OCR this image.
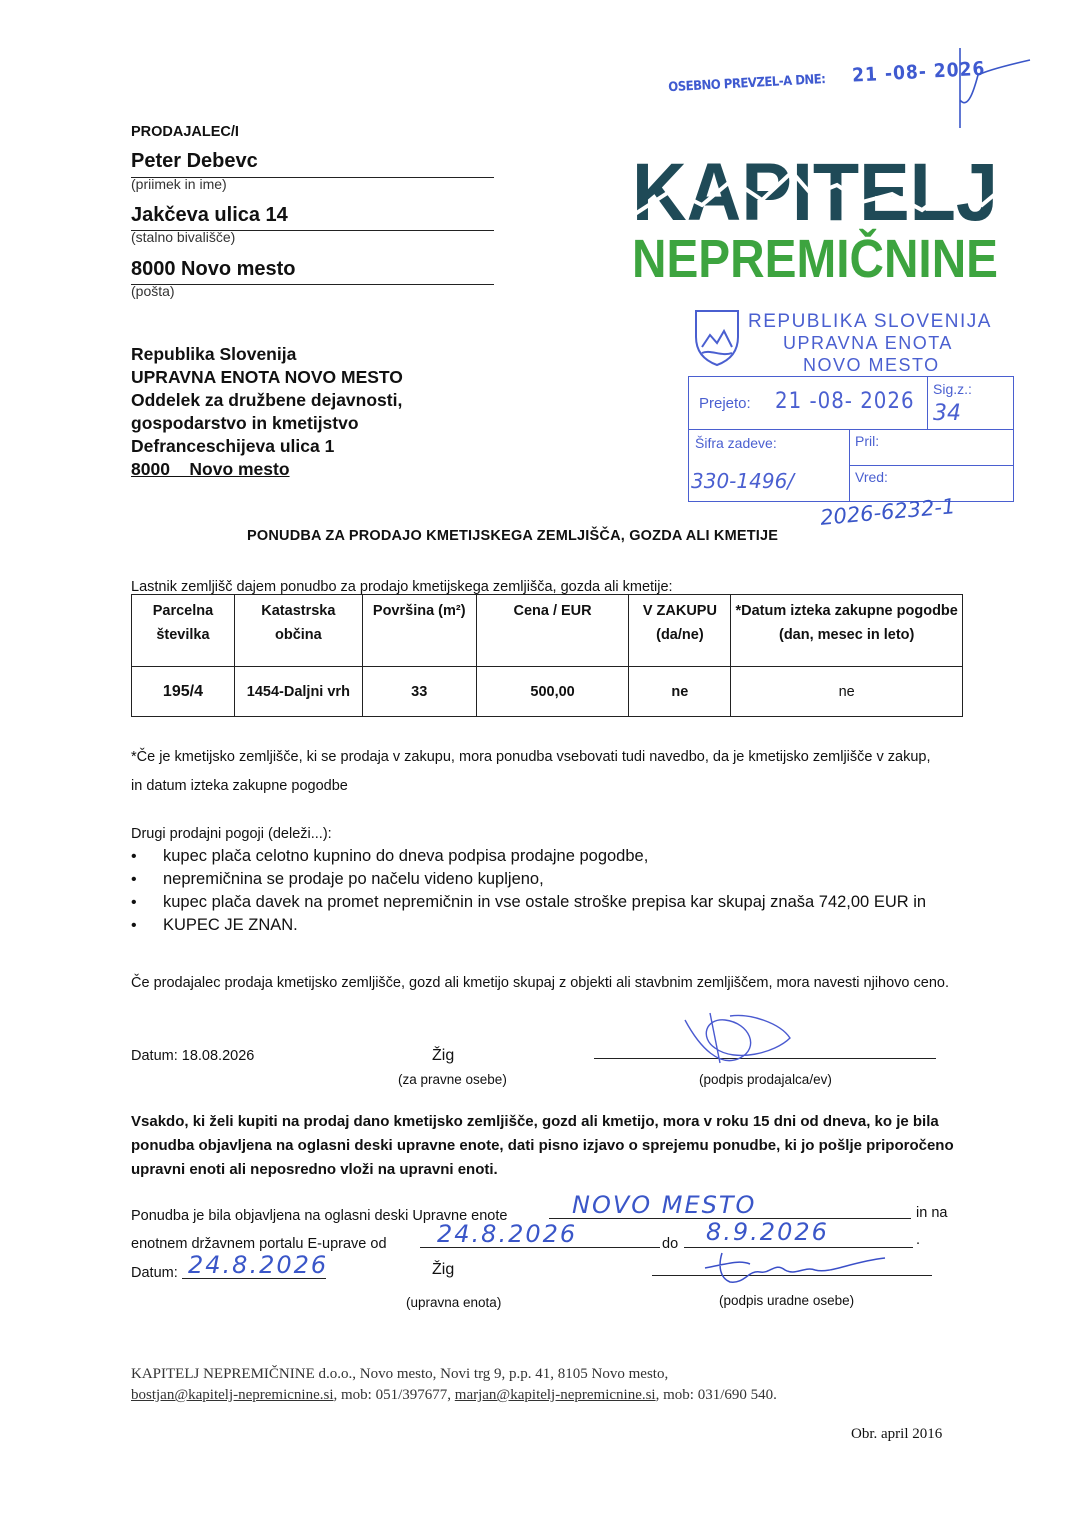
OSEBNO PREVZEL-A DNE: 21 -08- 2026
PRODAJALEC/I
Peter Debevc
(priimek in ime)
Jakčeva ulica 14
(stalno bivališče)
8000 Novo mesto
(pošta)
KAPITELJ
NEPREMIČNINE
REPUBLIKA SLOVENIJA
UPRAVNA ENOTA
NOVO MESTO
Prejeto: 21 -08- 2026 Sig.z.:
34
Šifra zadeve:	Pril:
330-1496/	Vred:
2026-6232-1
Republika Slovenija
UPRAVNA ENOTA NOVO MESTO
Oddelek za družbene dejavnosti,
gospodarstvo in kmetijstvo
Defranceschijeva ulica 1
8000    Novo mesto
PONUDBA ZA PRODAJO KMETIJSKEGA ZEMLJIŠČA, GOZDA ALI KMETIJE
Lastnik zemljišč dajem ponudbo za prodajo kmetijskega zemljišča, gozda ali kmetije:
Parcelna številka	Katastrska občina	Površina (m²)	Cena / EUR	V ZAKUPU (da/ne)	*Datum izteka zakupne pogodbe (dan, mesec in leto)
195/4	1454-Daljni vrh	33	500,00	ne	ne
*Če je kmetijsko zemljišče, ki se prodaja v zakupu, mora ponudba vsebovati tudi navedbo, da je kmetijsko zemljišče v zakup, in datum izteka zakupne pogodbe
Drugi prodajni pogoji (deleži...):
• kupec plača celotno kupnino do dneva podpisa prodajne pogodbe,
• nepremičnina se prodaje po načelu videno kupljeno,
• kupec plača davek na promet nepremičnin in vse ostale stroške prepisa kar skupaj znaša 742,00 EUR in
• KUPEC JE ZNAN.
Če prodajalec prodaja kmetijsko zemljišče, gozd ali kmetijo skupaj z objekti ali stavbnim zemljiščem, mora navesti njihovo ceno.
Datum: 18.08.2026	Žig
(za pravne osebe)	(podpis prodajalca/ev)
Vsakdo, ki želi kupiti na prodaj dano kmetijsko zemljišče, gozd ali kmetijo, mora v roku 15 dni od dneva, ko je bila ponudba objavljena na oglasni deski upravne enote, dati pisno izjavo o sprejemu ponudbe, ki jo pošlje priporočeno upravni enoti ali neposredno vloži na upravni enoti.
Ponudba je bila objavljena na oglasni deski Upravne enote	NOVO MESTO	in na
enotnem državnem portalu E-uprave od 24.8.2026	do 8.9.2026	.
Datum: 24.8.2026	Žig
(upravna enota)	(podpis uradne osebe)
KAPITELJ NEPREMIČNINE d.o.o., Novo mesto, Novi trg 9, p.p. 41, 8105 Novo mesto,
bostjan@kapitelj-nepremicnine.si, mob: 051/397677, marjan@kapitelj-nepremicnine.si, mob: 031/690 540.
Obr. april 2016
